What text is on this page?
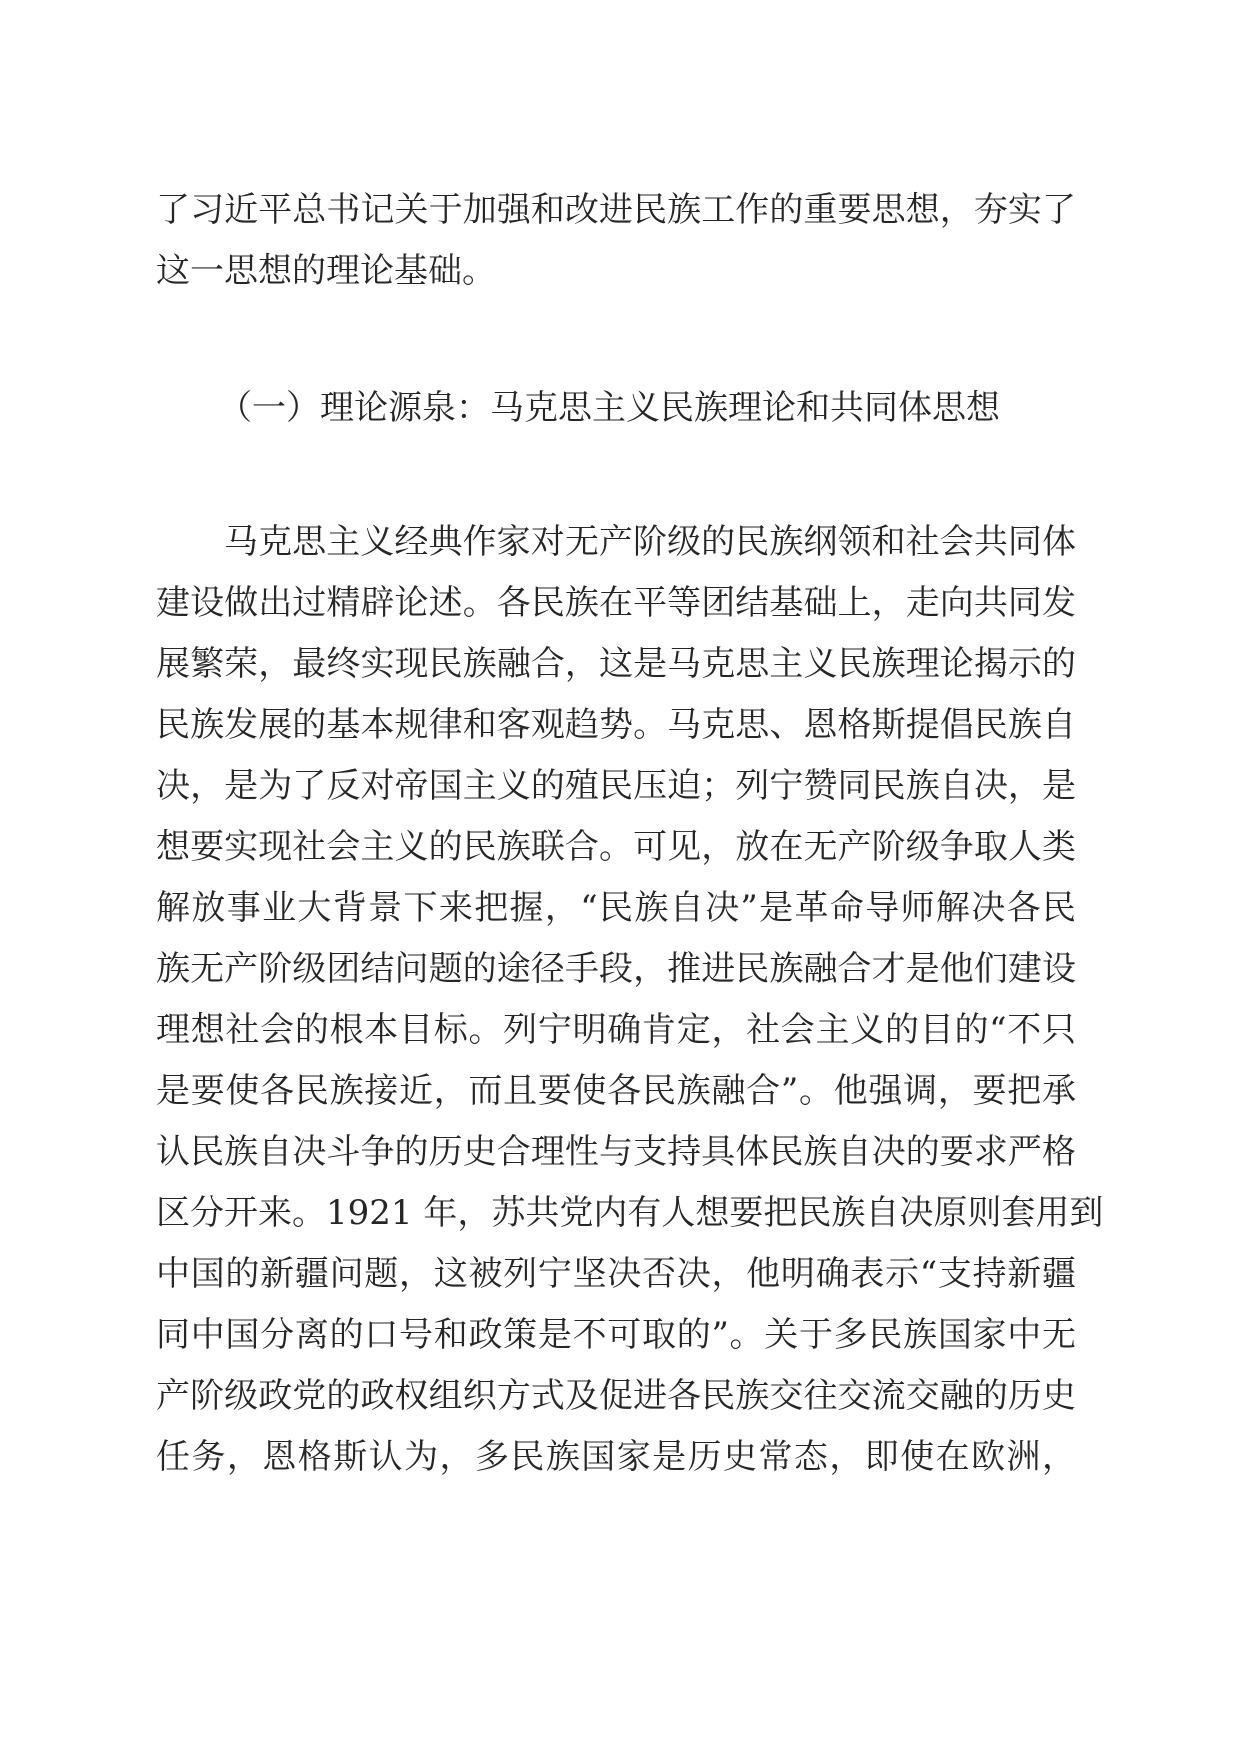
了习近平总书记关于加强和改进民族工作的重要思想，夯实了
这一思想的理论基础。
（一）理论源泉：马克思主义民族理论和共同体思想
马克思主义经典作家对无产阶级的民族纲领和社会共同体
建设做出过精辟论述。各民族在平等团结基础上，走向共同发
展繁荣，最终实现民族融合，这是马克思主义民族理论揭示的
民族发展的基本规律和客观趋势。马克思、恩格斯提倡民族自
决，是为了反对帝国主义的殖民压迫；列宁赞同民族自决，是
想要实现社会主义的民族联合。可见，放在无产阶级争取人类
解放事业大背景下来把握，“民族自决”是革命导师解决各民
族无产阶级团结问题的途径手段，推进民族融合才是他们建设
理想社会的根本目标。列宁明确肯定，社会主义的目的“不只
是要使各民族接近，而且要使各民族融合”。他强调，要把承
认民族自决斗争的历史合理性与支持具体民族自决的要求严格
区分开来。1921 年，苏共党内有人想要把民族自决原则套用到
中国的新疆问题，这被列宁坚决否决，他明确表示“支持新疆
同中国分离的口号和政策是不可取的”。关于多民族国家中无
产阶级政党的政权组织方式及促进各民族交往交流交融的历史
任务，恩格斯认为，多民族国家是历史常态，即使在欧洲，
